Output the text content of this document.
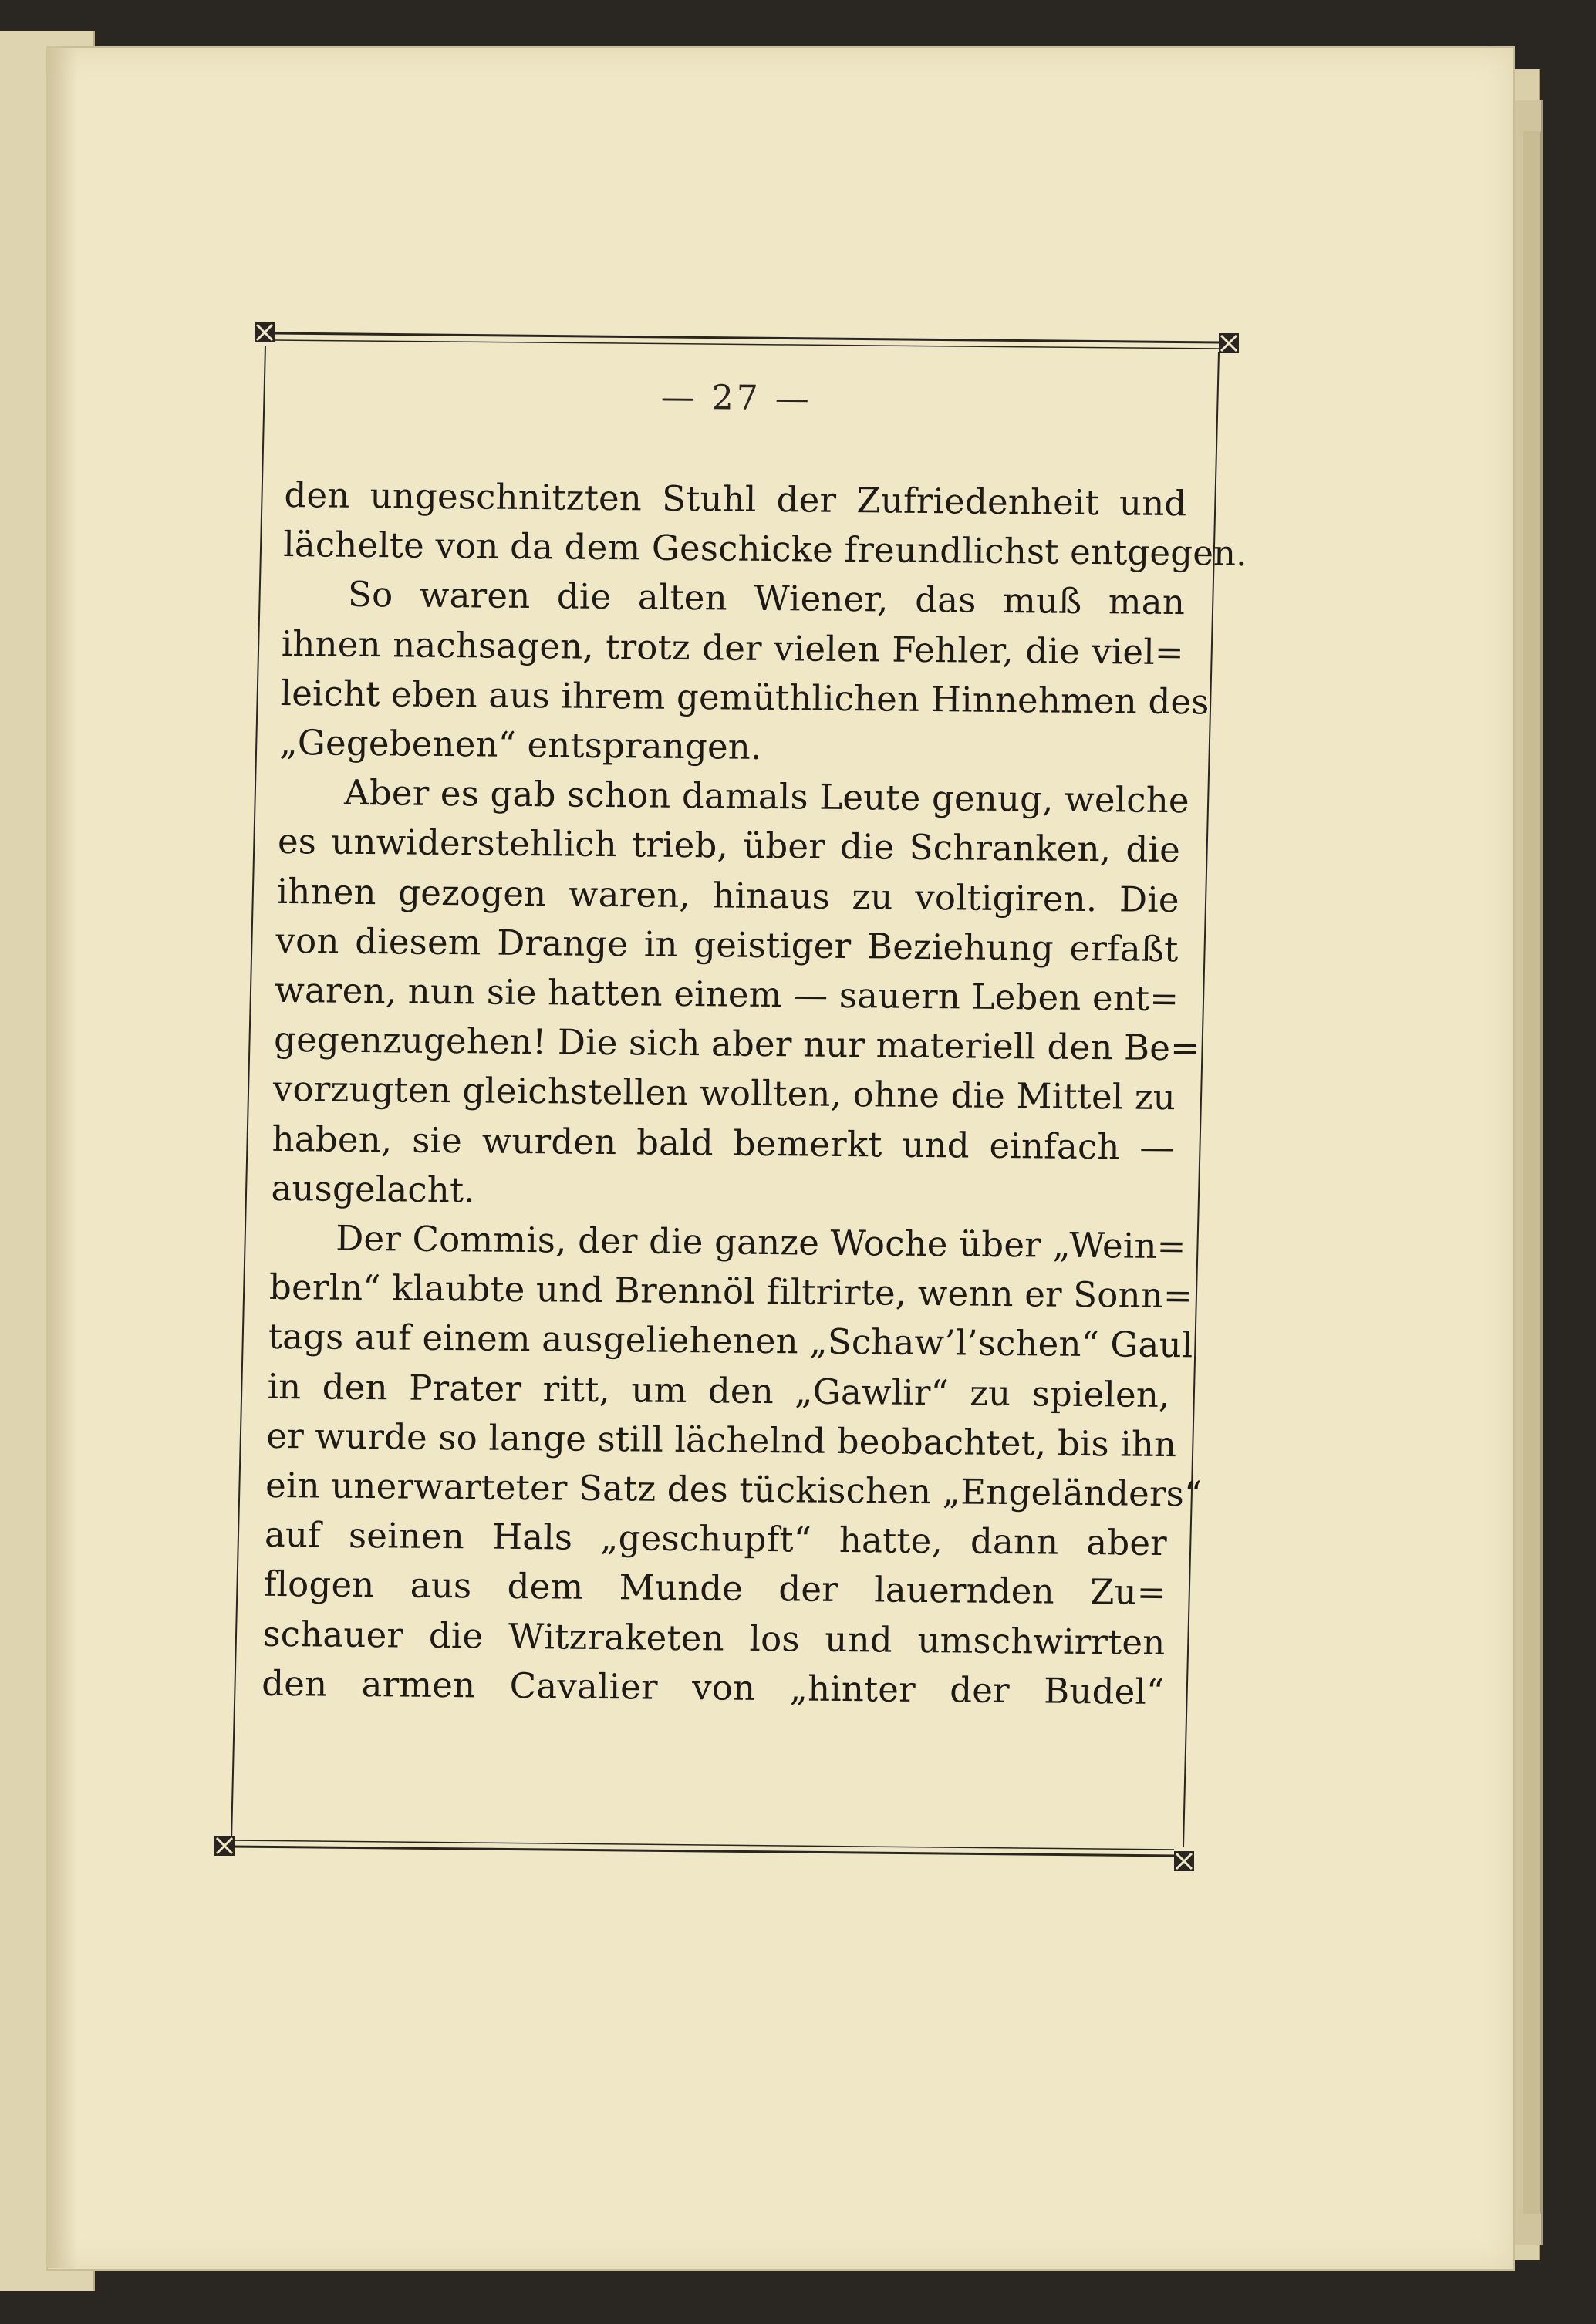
— 27 —
den ungeschnitzten Stuhl der Zufriedenheit und
lächelte von da dem Geschicke freundlichst entgegen.
So waren die alten Wiener, das muß man
ihnen nachsagen, trotz der vielen Fehler, die viel=
leicht eben aus ihrem gemüthlichen Hinnehmen des
„Gegebenen“ entsprangen.
Aber es gab schon damals Leute genug, welche
es unwiderstehlich trieb, über die Schranken, die
ihnen gezogen waren, hinaus zu voltigiren. Die
von diesem Drange in geistiger Beziehung erfaßt
waren, nun sie hatten einem — sauern Leben ent=
gegenzugehen! Die sich aber nur materiell den Be=
vorzugten gleichstellen wollten, ohne die Mittel zu
haben, sie wurden bald bemerkt und einfach —
ausgelacht.
Der Commis, der die ganze Woche über „Wein=
berln“ klaubte und Brennöl filtrirte, wenn er Sonn=
tags auf einem ausgeliehenen „Schaw’l’schen“ Gaul
in den Prater ritt, um den „Gawlir“ zu spielen,
er wurde so lange still lächelnd beobachtet, bis ihn
ein unerwarteter Satz des tückischen „Engeländers“
auf seinen Hals „geschupft“ hatte, dann aber
flogen aus dem Munde der lauernden Zu=
schauer die Witzraketen los und umschwirrten
den armen Cavalier von „hinter der Budel“
